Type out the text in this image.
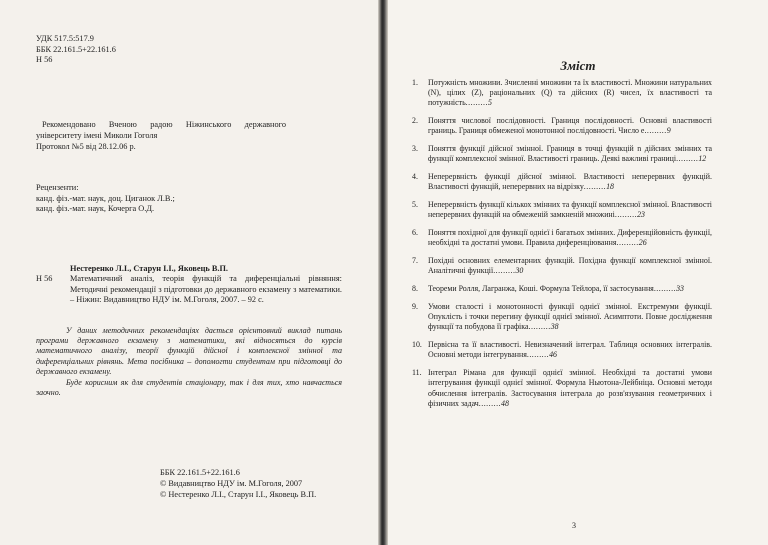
УДК 517.5:517.9
ББК 22.161.5+22.161.6
Н 56
Рекомендовано Вченою радою Ніжинського державного університету імені Миколи Гоголя
Протокол №5 від 28.12.06 р.
Рецензенти:
канд. фіз.-мат. наук, доц. Циганок Л.В.;
канд. фіз.-мат. наук, Кочерга О.Д.
Нестеренко Л.І., Старун І.І., Яковець В.П.
Н 56 Математичний аналіз, теорія функцій та диференціальні рівняння: Методичні рекомендації з підготовки до державного екзамену з математики. – Ніжин: Видавництво НДУ ім. М.Гоголя, 2007. – 92 с.
У даних методичних рекомендаціях дається орієнтовний виклад питань програми державного екзамену з математики, які відносяться до курсів математичного аналізу, теорії функцій дійсної і комплексної змінної та диференціальних рівнянь. Мета посібника – допомогти студентам при підготовці до державного екзамену.
Буде корисним як для студентів стаціонару, так і для тих, хто навчається заочно.
ББК 22.161.5+22.161.6
© Видавництво НДУ ім. М.Гоголя, 2007
© Нестеренко Л.І., Старун І.І., Яковець В.П.
Зміст
1.	Потужність множини. Зчисленні множини та їх властивості. Множини натуральних (N), цілих (Z), раціональних (Q) та дійсних (R) чисел, їх властивості та потужність.........5
2.	Поняття числової послідовності. Границя послідовності. Основні властивості границь. Границя обмеженої монотонної послідовності. Число e.........9
3.	Поняття функції дійсної змінної. Границя в точці функцій n дійсних змінних та функції комплексної змінної. Властивості границь. Деякі важливі границі.........12
4.	Неперервність функції дійсної змінної. Властивості неперервних функцій. Властивості функцій, неперервних на відрізку.........18
5.	Неперервність функції кількох змінних та функції комплексної змінної. Властивості неперервних функцій на обмеженій замкненій множині.........23
6.	Поняття похідної для функції однієї і багатьох змінних. Диференційовність функції, необхідні та достатні умови. Правила диференціювання.........26
7.	Похідні основних елементарних функцій. Похідна функції комплексної змінної. Аналітичні функції.........30
8.	Теореми Ролля, Лагранжа, Коші. Формула Тейлора, її застосування.........33
9.	Умови сталості і монотонності функції однієї змінної. Екстремуми функції. Опуклість і точки перегину функції однієї змінної. Асимптоти. Повне дослідження функції та побудова її графіка.........38
10. Первісна та її властивості. Невизначений інтеграл. Таблиця основних інтегралів. Основні методи інтегрування.........46
11. Інтеграл Рімана для функції однієї змінної. Необхідні та достатні умови інтегрування функції однієї змінної. Формула Ньютона-Лейбніца. Основні методи обчислення інтегралів. Застосування інтеграла до розв'язування геометричних і фізичних задач.........48
3
